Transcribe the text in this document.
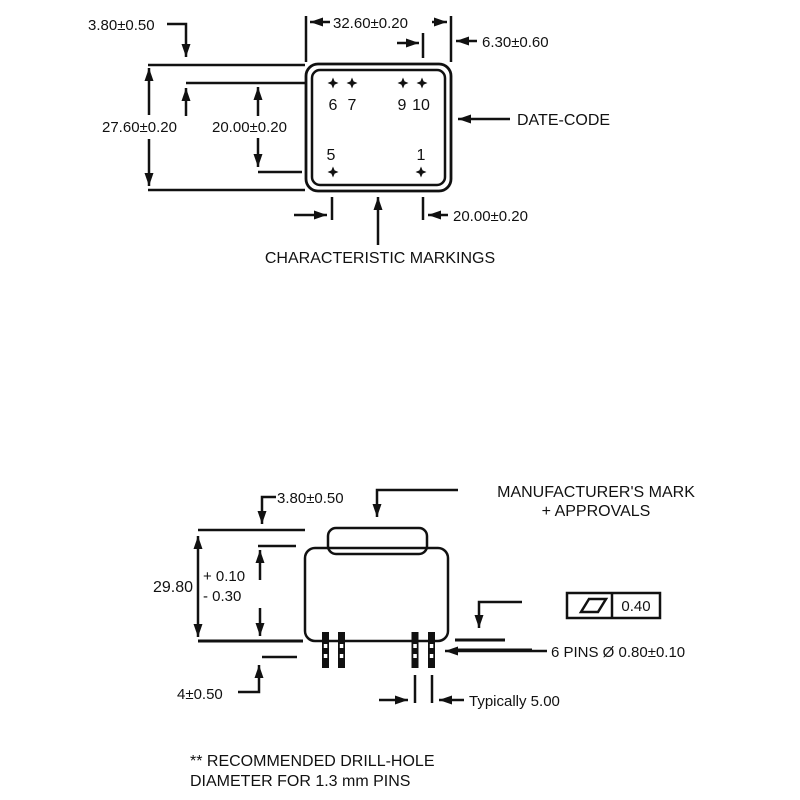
6 7	9 10
5	1
3.80±0.50
27.60±0.20 20.00±0.20
32.60±0.20
6.30±0.60
DATE-CODE
20.00±0.20
CHARACTERISTIC MARKINGS
3.80±0.50	MANUFACTURER'S MARK
+ APPROVALS
29.80
+ 0.10
- 0.30
4±0.50
0.40
6 PINS Ø 0.80±0.10
Typically 5.00
** RECOMMENDED DRILL-HOLE
DIAMETER FOR 1.3 mm PINS
